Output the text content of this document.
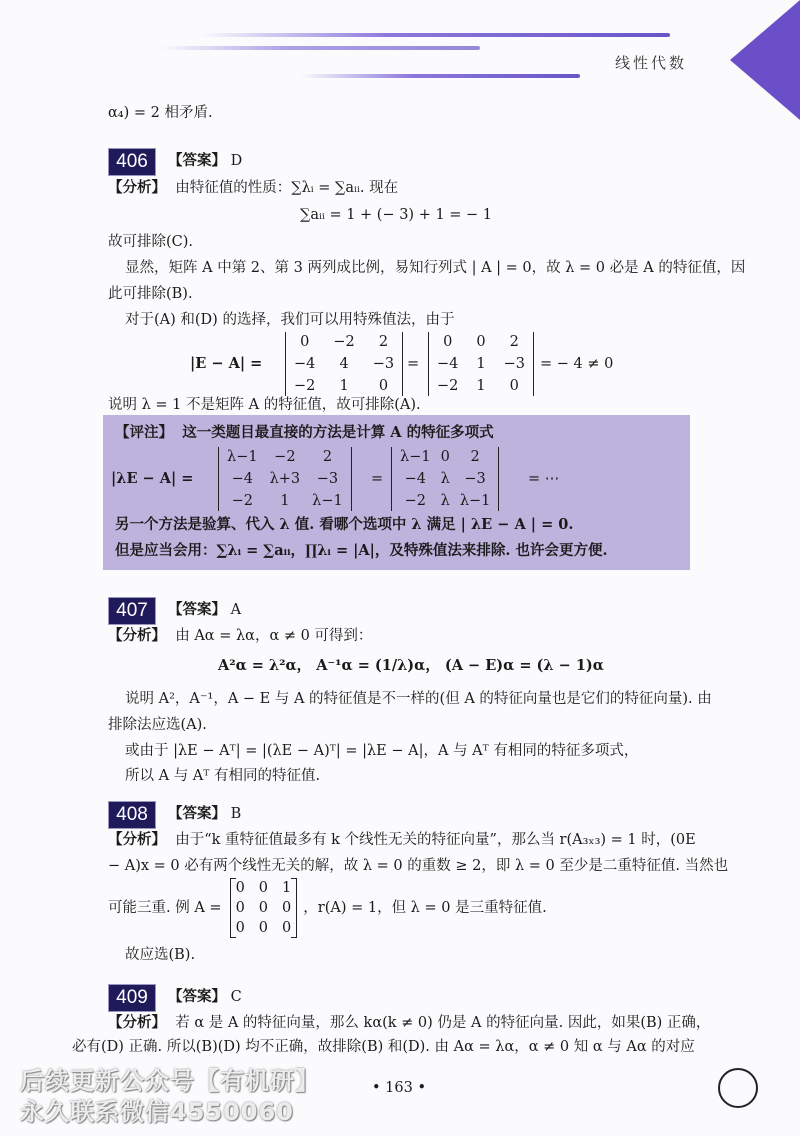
线性代数
α₄) = 2 相矛盾.
406	【答案】 D
【分析】 由特征值的性质：∑λᵢ = ∑aᵢᵢ. 现在
∑aᵢᵢ = 1 + (− 3) + 1 = − 1
故可排除(C).
显然，矩阵 A 中第 2、第 3 两列成比例，易知行列式 | A | = 0，故 λ = 0 必是 A 的特征值，因
此可排除(B).
对于(A) 和(D) 的选择，我们可以用特殊值法，由于
|E − A| =
0	−2	2
−4	4	−3
−2	1	0
=
0	0	2
−4 1 −3
−2 1	0
= − 4 ≠ 0
说明 λ = 1 不是矩阵 A 的特征值，故可排除(A).
【评注】 这一类题目最直接的方法是计算 A 的特征多项式
|λE − A| =
λ−1	−2	2
−4	λ+3	−3
−2	1	λ−1
=
λ−1 0	2
−4	λ	−3
−2	λ λ−1
= ⋯
另一个方法是验算、代入 λ 值. 看哪个选项中 λ 满足 | λE − A | = 0.
但是应当会用：∑λᵢ = ∑aᵢᵢ，∏λᵢ = |A|，及特殊值法来排除. 也许会更方便.
407	【答案】 A
【分析】 由 Aα = λα，α ≠ 0 可得到：
A²α = λ²α， A⁻¹α = (1/λ)α， (A − E)α = (λ − 1)α
说明 A²，A⁻¹，A − E 与 A 的特征值是不一样的(但 A 的特征向量也是它们的特征向量). 由
排除法应选(A).
或由于 |λE − Aᵀ| = |(λE − A)ᵀ| = |λE − A|，A 与 Aᵀ 有相同的特征多项式，
所以 A 与 Aᵀ 有相同的特征值.
408	【答案】 B
【分析】 由于“k 重特征值最多有 k 个线性无关的特征向量”，那么当 r(A₃ₓ₃) = 1 时，(0E
− A)x = 0 必有两个线性无关的解，故 λ = 0 的重数 ≥ 2，即 λ = 0 至少是二重特征值. 当然也
可能三重. 例 A =
0 0 1
0 0 0
0 0 0
，r(A) = 1，但 λ = 0 是三重特征值.
故应选(B).
409	【答案】 C
【分析】 若 α 是 A 的特征向量，那么 kα(k ≠ 0) 仍是 A 的特征向量. 因此，如果(B) 正确，
必有(D) 正确. 所以(B)(D) 均不正确，故排除(B) 和(D). 由 Aα = λα，α ≠ 0 知 α 与 Aα 的对应
后续更新公众号【有机研】
永久联系微信4550060
• 163 •
